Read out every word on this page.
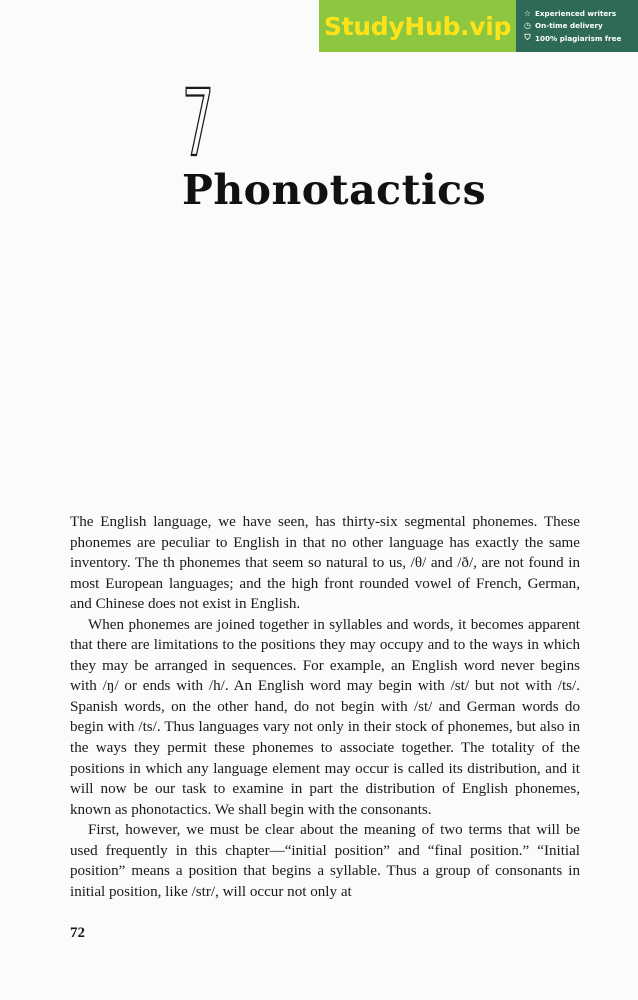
StudyHub.vip ☆ Experienced writers
◷ On-time delivery
⛉ 100% plagiarism free
7
Phonotactics

The English language, we have seen, has thirty-six segmental phonemes. These phonemes are peculiar to English in that no other language has exactly the same inventory. The th phonemes that seem so natural to us, /θ/ and /ð/, are not found in most European languages; and the high front rounded vowel of French, German, and Chinese does not exist in English.

When phonemes are joined together in syllables and words, it becomes apparent that there are limitations to the positions they may occupy and to the ways in which they may be arranged in sequences. For example, an English word never begins with /ŋ/ or ends with /h/. An English word may begin with /st/ but not with /ts/. Spanish words, on the other hand, do not begin with /st/ and German words do begin with /ts/. Thus languages vary not only in their stock of phonemes, but also in the ways they permit these phonemes to associate together. The totality of the positions in which any language element may occur is called its distribution, and it will now be our task to examine in part the distribution of English phonemes, known as phonotactics. We shall begin with the consonants.

First, however, we must be clear about the meaning of two terms that will be used frequently in this chapter—“initial position” and “final position.” “Initial position” means a position that begins a syllable. Thus a group of consonants in initial position, like /str/, will occur not only at

72
